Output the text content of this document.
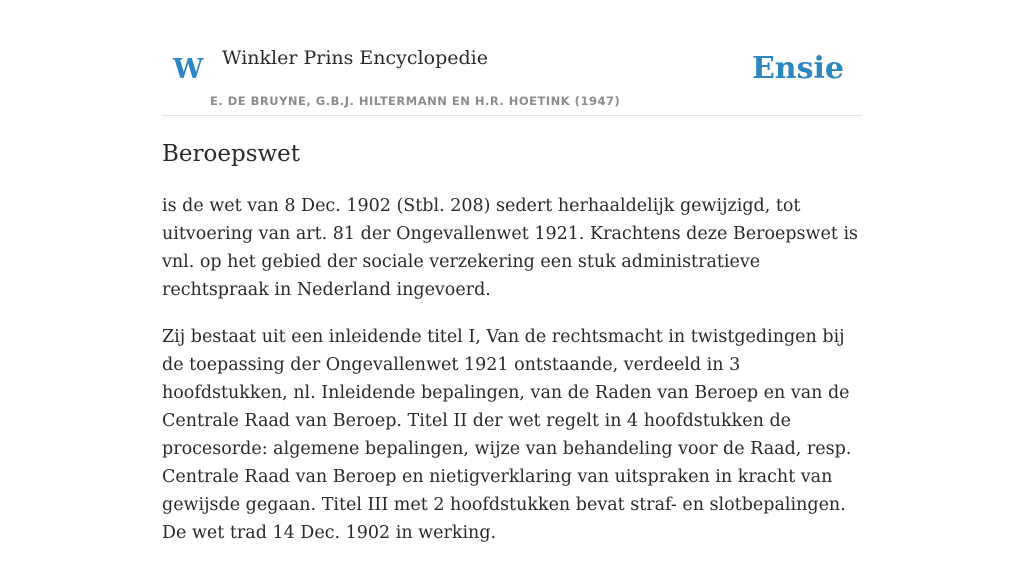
W Winkler Prins Encyclopedie
E. DE BRUYNE, G.B.J. HILTERMANN EN H.R. HOETINK (1947)
Ensie
Beroepswet

is de wet van 8 Dec. 1902 (Stbl. 208) sedert herhaaldelijk gewijzigd, tot uitvoering van art. 81 der Ongevallenwet 1921. Krachtens deze Beroepswet is vnl. op het gebied der sociale verzekering een stuk administratieve rechtspraak in Nederland ingevoerd.

Zij bestaat uit een inleidende titel I, Van de rechtsmacht in twistgedingen bij de toepassing der Ongevallenwet 1921 ontstaande, verdeeld in 3 hoofdstukken, nl. Inleidende bepalingen, van de Raden van Beroep en van de Centrale Raad van Beroep. Titel II der wet regelt in 4 hoofdstukken de procesorde: algemene bepalingen, wijze van behandeling voor de Raad, resp. Centrale Raad van Beroep en nietigverklaring van uitspraken in kracht van gewijsde gegaan. Titel III met 2 hoofdstukken bevat straf- en slotbepalingen. De wet trad 14 Dec. 1902 in werking.
